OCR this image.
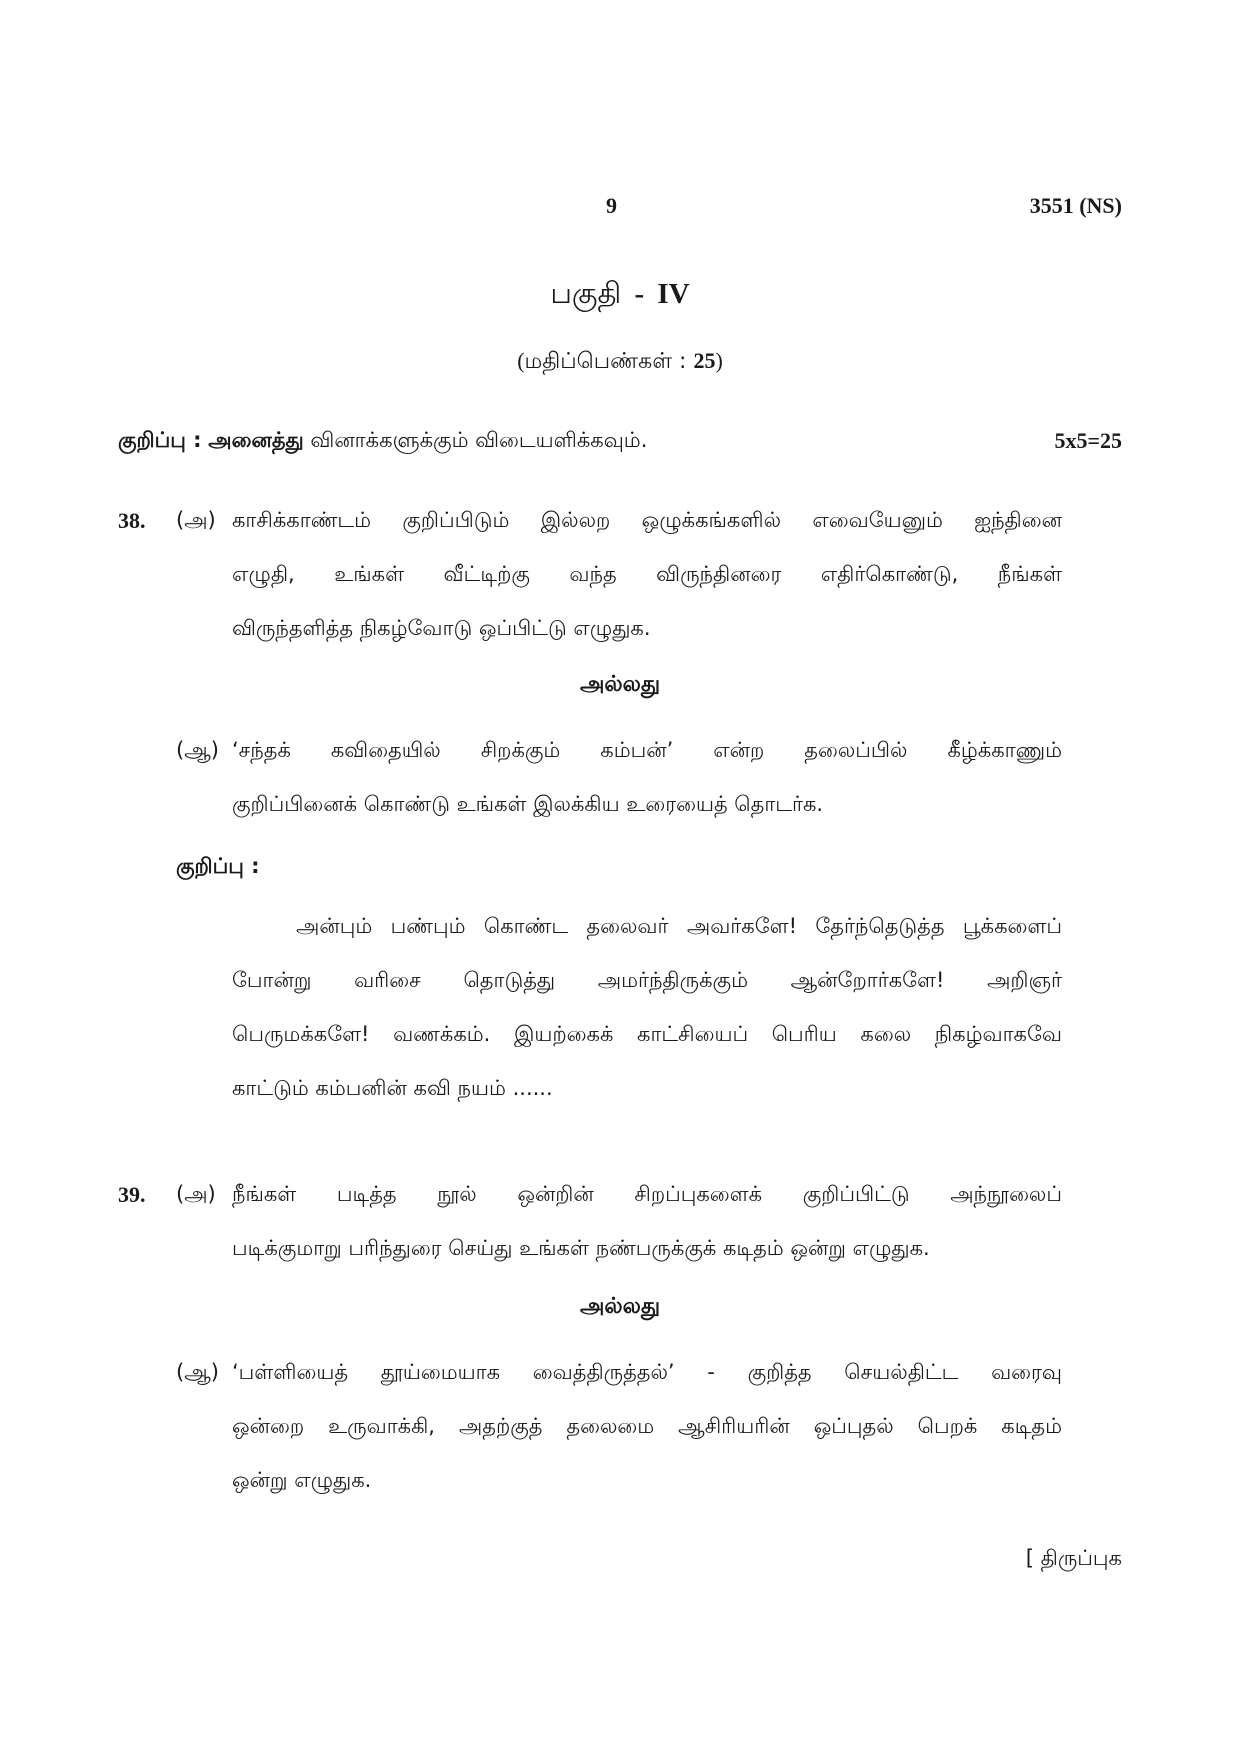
9	3551 (NS)
பகுதி - IV
(மதிப்பெண்கள் : 25)
குறிப்பு : அனைத்து வினாக்களுக்கும் விடையளிக்கவும்.	5x5=25
38. (அ) காசிக்காண்டம் குறிப்பிடும் இல்லற ஒழுக்கங்களில் எவையேனும் ஐந்தினை
எழுதி, உங்கள் வீட்டிற்கு வந்த விருந்தினரை எதிர்கொண்டு, நீங்கள்
விருந்தளித்த நிகழ்வோடு ஒப்பிட்டு எழுதுக.
அல்லது
(ஆ) ‘சந்தக் கவிதையில் சிறக்கும் கம்பன்’ என்ற தலைப்பில் கீழ்க்காணும்
குறிப்பினைக் கொண்டு உங்கள் இலக்கிய உரையைத் தொடர்க.
குறிப்பு :
அன்பும் பண்பும் கொண்ட தலைவர் அவர்களே! தேர்ந்தெடுத்த பூக்களைப்
போன்று வரிசை தொடுத்து அமர்ந்திருக்கும் ஆன்றோர்களே! அறிஞர்
பெருமக்களே! வணக்கம். இயற்கைக் காட்சியைப் பெரிய கலை நிகழ்வாகவே
காட்டும் கம்பனின் கவி நயம் ......
39. (அ) நீங்கள் படித்த நூல் ஒன்றின் சிறப்புகளைக் குறிப்பிட்டு அந்நூலைப்
படிக்குமாறு பரிந்துரை செய்து உங்கள் நண்பருக்குக் கடிதம் ஒன்று எழுதுக.
அல்லது
(ஆ) ‘பள்ளியைத் தூய்மையாக வைத்திருத்தல்’ - குறித்த செயல்திட்ட வரைவு
ஒன்றை உருவாக்கி, அதற்குத் தலைமை ஆசிரியரின் ஒப்புதல் பெறக் கடிதம்
ஒன்று எழுதுக.
[ திருப்புக
